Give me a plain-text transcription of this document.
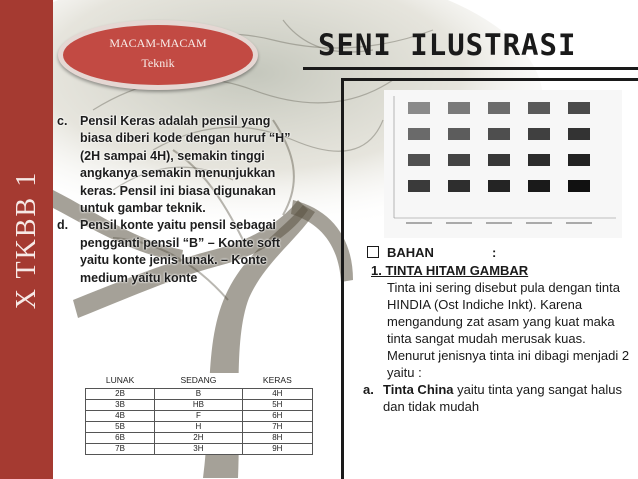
X TKBB 1
MACAM-MACAM
Teknik
SENI ILUSTRASI
c. Pensil Keras adalah pensil yang biasa diberi kode dengan huruf “H” (2H sampai 4H), semakin tinggi angkanya semakin menunjukkan keras. Pensil ini biasa digunakan untuk gambar teknik.
d. Pensil konte yaitu pensil sebagai pengganti pensil “B” – Konte soft yaitu konte jenis lunak. – Konte medium yaitu konte
LUNAK	SEDANG	KERAS
2B	B	4H
3B	HB	5H
4B	F	6H
5B	H	7H
6B	2H	8H
7B	3H	9H
BAHAN	:
1. TINTA HITAM GAMBAR
Tinta ini sering disebut pula dengan tinta HINDIA (Ost Indiche Inkt). Karena mengandung zat asam yang kuat maka tinta sangat mudah merusak kuas. Menurut jenisnya tinta ini dibagi menjadi 2 yaitu :
a. Tinta China yaitu tinta yang sangat halus dan tidak mudah
